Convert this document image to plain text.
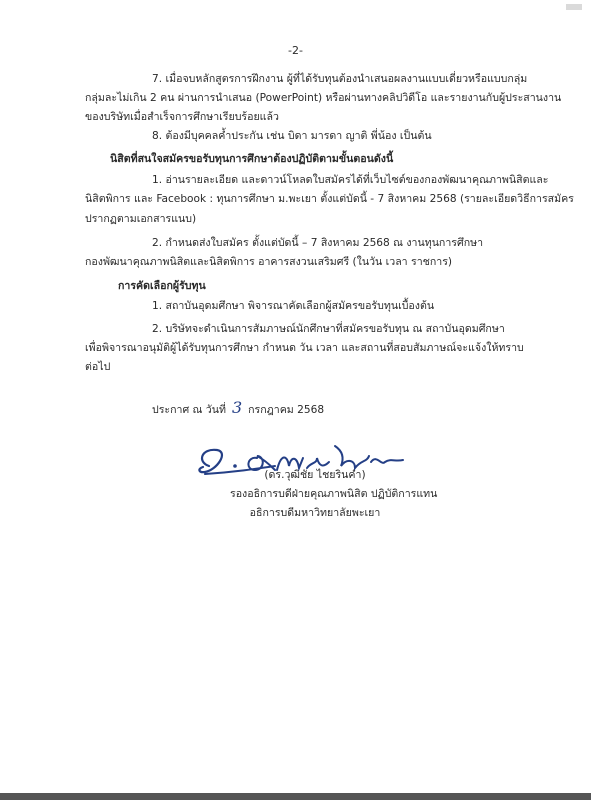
-2-
7. เมื่อจบหลักสูตรการฝึกงาน ผู้ที่ได้รับทุนต้องนำเสนอผลงานแบบเดี่ยวหรือแบบกลุ่ม
กลุ่มละไม่เกิน 2 คน ผ่านการนำเสนอ (PowerPoint) หรือผ่านทางคลิปวิดีโอ และรายงานกับผู้ประสานงาน
ของบริษัทเมื่อสำเร็จการศึกษาเรียบร้อยแล้ว
8. ต้องมีบุคคลค้ำประกัน เช่น บิดา มารดา ญาติ พี่น้อง เป็นต้น
นิสิตที่สนใจสมัครขอรับทุนการศึกษาต้องปฏิบัติตามขั้นตอนดังนี้
1. อ่านรายละเอียด และดาวน์โหลดใบสมัครได้ที่เว็บไซต์ของกองพัฒนาคุณภาพนิสิตและ
นิสิตพิการ และ Facebook : ทุนการศึกษา ม.พะเยา ตั้งแต่บัดนี้ - 7 สิงหาคม 2568 (รายละเอียดวิธีการสมัคร
ปรากฏตามเอกสารแนบ)
2. กำหนดส่งใบสมัคร ตั้งแต่บัดนี้ – 7 สิงหาคม 2568 ณ งานทุนการศึกษา
กองพัฒนาคุณภาพนิสิตและนิสิตพิการ อาคารสงวนเสริมศรี (ในวัน เวลา ราชการ)
การคัดเลือกผู้รับทุน
1. สถาบันอุดมศึกษา พิจารณาคัดเลือกผู้สมัครขอรับทุนเบื้องต้น
2. บริษัทจะดำเนินการสัมภาษณ์นักศึกษาที่สมัครขอรับทุน ณ สถาบันอุดมศึกษา
เพื่อพิจารณาอนุมัติผู้ได้รับทุนการศึกษา กำหนด วัน เวลา และสถานที่สอบสัมภาษณ์จะแจ้งให้ทราบ
ต่อไป
ประกาศ ณ วันที่ 3 กรกฎาคม 2568
(ดร.วุฒิชัย ไชยรินคำ)
รองอธิการบดีฝ่ายคุณภาพนิสิต ปฏิบัติการแทน
อธิการบดีมหาวิทยาลัยพะเยา
